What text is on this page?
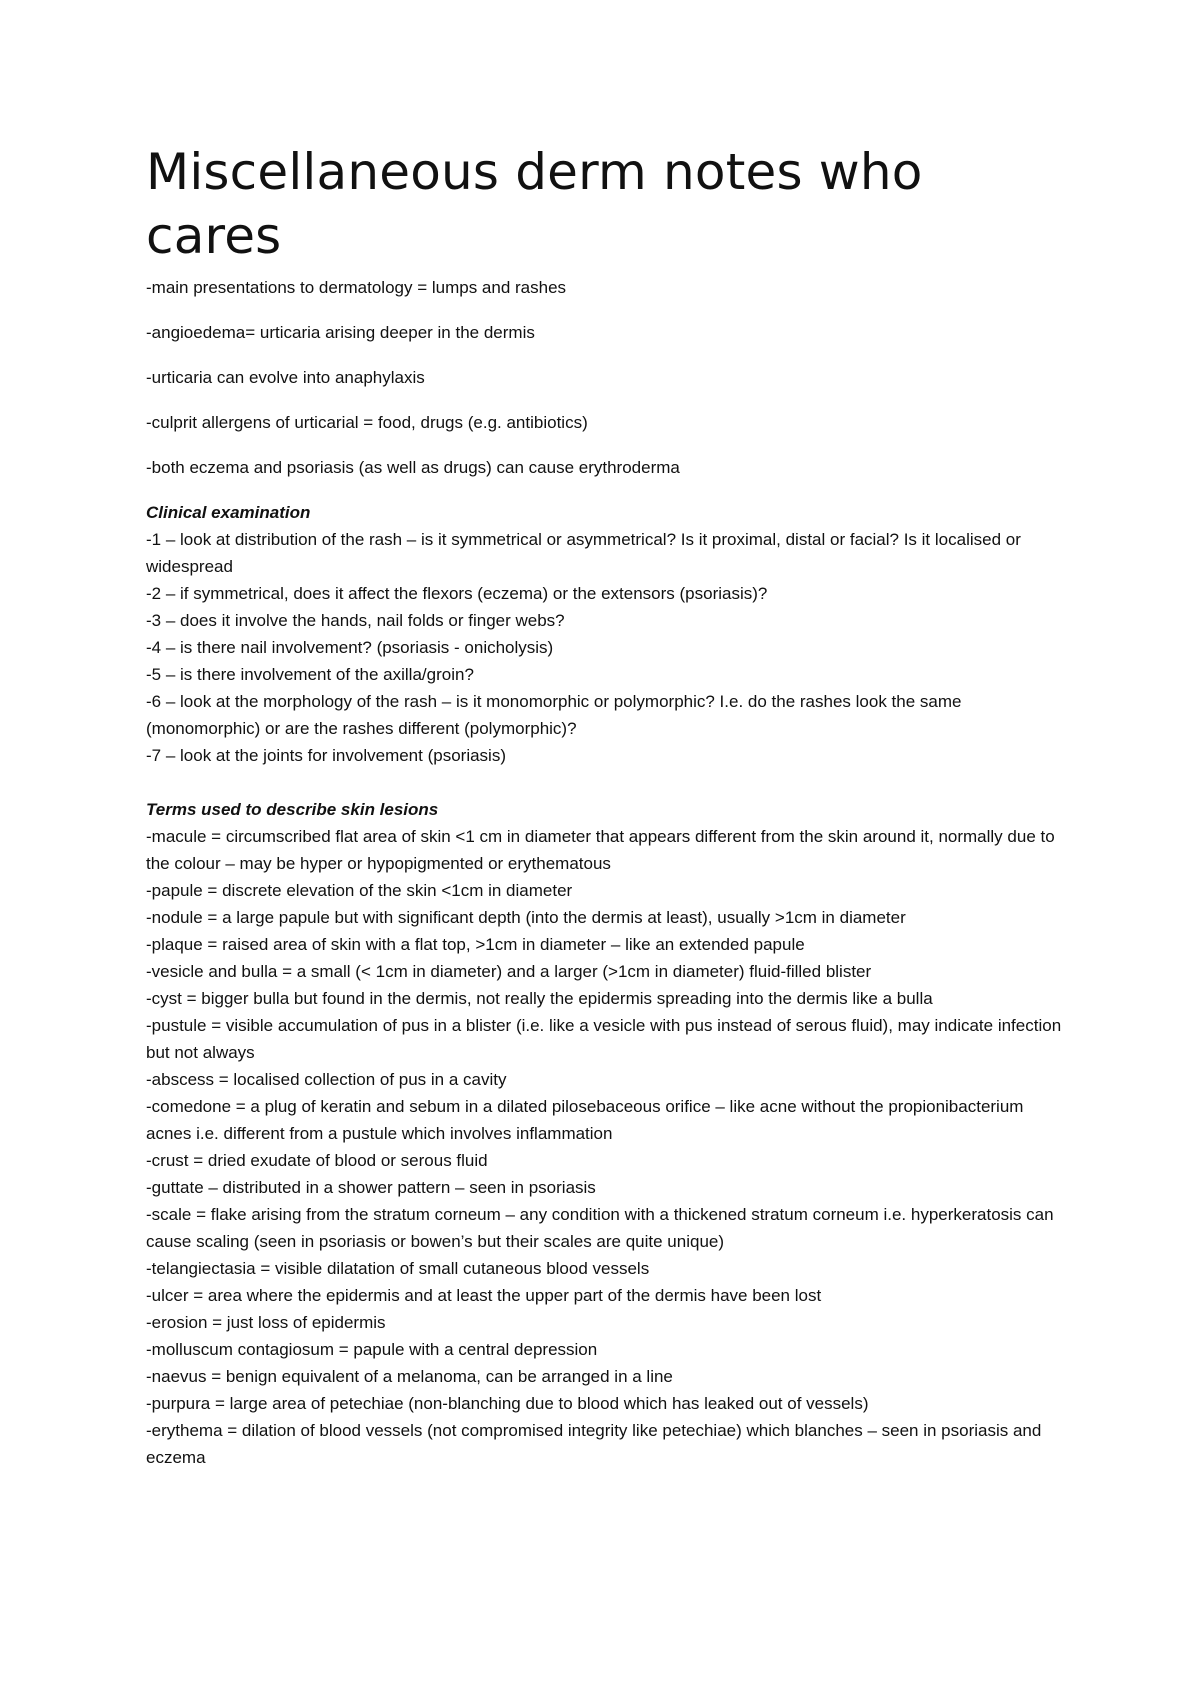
Miscellaneous derm notes who cares

-main presentations to dermatology = lumps and rashes

-angioedema= urticaria arising deeper in the dermis

-urticaria can evolve into anaphylaxis

-culprit allergens of urticarial = food, drugs (e.g. antibiotics)

-both eczema and psoriasis (as well as drugs) can cause erythroderma

Clinical examination

-1 – look at distribution of the rash – is it symmetrical or asymmetrical? Is it proximal, distal or facial? Is it localised or widespread

-2 – if symmetrical, does it affect the flexors (eczema) or the extensors (psoriasis)?

-3 – does it involve the hands, nail folds or finger webs?

-4 – is there nail involvement? (psoriasis - onicholysis)

-5 – is there involvement of the axilla/groin?

-6 – look at the morphology of the rash – is it monomorphic or polymorphic? I.e. do the rashes look the same (monomorphic) or are the rashes different (polymorphic)?

-7 – look at the joints for involvement (psoriasis)

Terms used to describe skin lesions

-macule = circumscribed flat area of skin <1 cm in diameter that appears different from the skin around it, normally due to the colour – may be hyper or hypopigmented or erythematous

-papule = discrete elevation of the skin <1cm in diameter

-nodule = a large papule but with significant depth (into the dermis at least), usually >1cm in diameter

-plaque = raised area of skin with a flat top, >1cm in diameter – like an extended papule

-vesicle and bulla = a small (< 1cm in diameter) and a larger (>1cm in diameter) fluid-filled blister

-cyst = bigger bulla but found in the dermis, not really the epidermis spreading into the dermis like a bulla

-pustule = visible accumulation of pus in a blister (i.e. like a vesicle with pus instead of serous fluid), may indicate infection but not always

-abscess = localised collection of pus in a cavity

-comedone = a plug of keratin and sebum in a dilated pilosebaceous orifice – like acne without the propionibacterium acnes i.e. different from a pustule which involves inflammation

-crust = dried exudate of blood or serous fluid

-guttate – distributed in a shower pattern – seen in psoriasis

-scale = flake arising from the stratum corneum – any condition with a thickened stratum corneum i.e. hyperkeratosis can cause scaling (seen in psoriasis or bowen’s but their scales are quite unique)

-telangiectasia = visible dilatation of small cutaneous blood vessels

-ulcer = area where the epidermis and at least the upper part of the dermis have been lost

-erosion = just loss of epidermis

-molluscum contagiosum = papule with a central depression

-naevus = benign equivalent of a melanoma, can be arranged in a line

-purpura = large area of petechiae (non-blanching due to blood which has leaked out of vessels)

-erythema = dilation of blood vessels (not compromised integrity like petechiae) which blanches – seen in psoriasis and eczema
